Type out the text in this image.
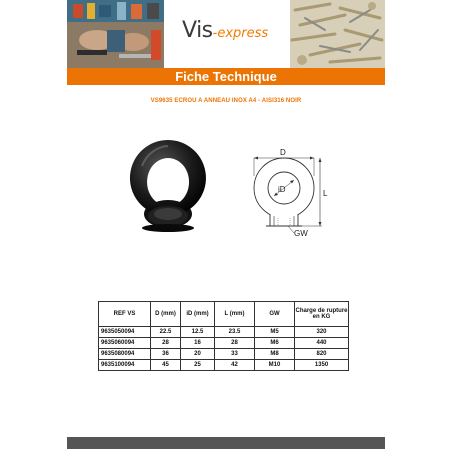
Vis-express
Fiche Technique
VS9635 ECROU A ANNEAU INOX A4 - AISI316 NOIR
D
iD	L
GW
REF VS	D (mm)	iD (mm)	L (mm)	GW	Charge de rupture en KG
9635050094	22.5	12.5	23.5	M5	320
9635060094	28	16	28	M6	440
9635080094	36	20	33	M8	820
9635100094	45	25	42	M10	1350
